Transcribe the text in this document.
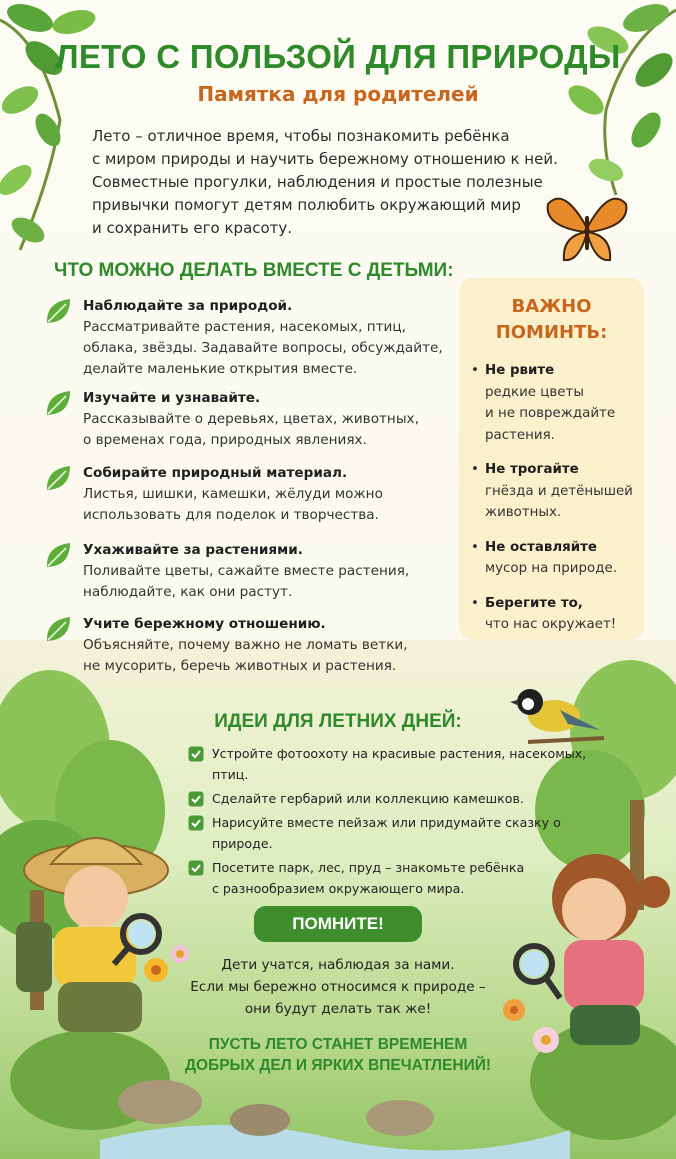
ЛЕТО С ПОЛЬЗОЙ ДЛЯ ПРИРОДЫ
Памятка для родителей

Лето – отличное время, чтобы познакомить ребёнка

с миром природы и научить бережному отношению к ней.

Совместные прогулки, наблюдения и простые полезные

привычки помогут детям полюбить окружающий мир

и сохранить его красоту.

ЧТО МОЖНО ДЕЛАТЬ ВМЕСТЕ С ДЕТЬМИ:
Наблюдайте за природой.
Рассматривайте растения, насекомых, птиц,
облака, звёзды. Задавайте вопросы, обсуждайте,
делайте маленькие открытия вместе.
Изучайте и узнавайте.
Рассказывайте о деревьях, цветах, животных,
о временах года, природных явлениях.
Собирайте природный материал.
Листья, шишки, камешки, жёлуди можно
использовать для поделок и творчества.
Ухаживайте за растениями.
Поливайте цветы, сажайте вместе растения,
наблюдайте, как они растут.
Учите бережному отношению.
Объясняйте, почему важно не ломать ветки,
не мусорить, беречь животных и растения.
ВАЖНО
ПОМИНТЬ:
• Не рвите
редкие цветы
и не повреждайте
растения.
• Не трогайте
гнёзда и детёнышей
животных.
• Не оставляйте
мусор на природе.
• Берегите то,
что нас окружает!
ИДЕИ ДЛЯ ЛЕТНИХ ДНЕЙ:
Устройте фотоохоту на красивые растения, насекомых, птиц.
Сделайте гербарий или коллекцию камешков.
Нарисуйте вместе пейзаж или придумайте сказку о природе.
Посетите парк, лес, пруд – знакомьте ребёнка
с разнообразием окружающего мира.
ПОМНИТЕ!
Дети учатся, наблюдая за нами.
Если мы бережно относимся к природе –
они будут делать так же!
ПУСТЬ ЛЕТО СТАНЕТ ВРЕМЕНЕМ
ДОБРЫХ ДЕЛ И ЯРКИХ ВПЕЧАТЛЕНИЙ!
